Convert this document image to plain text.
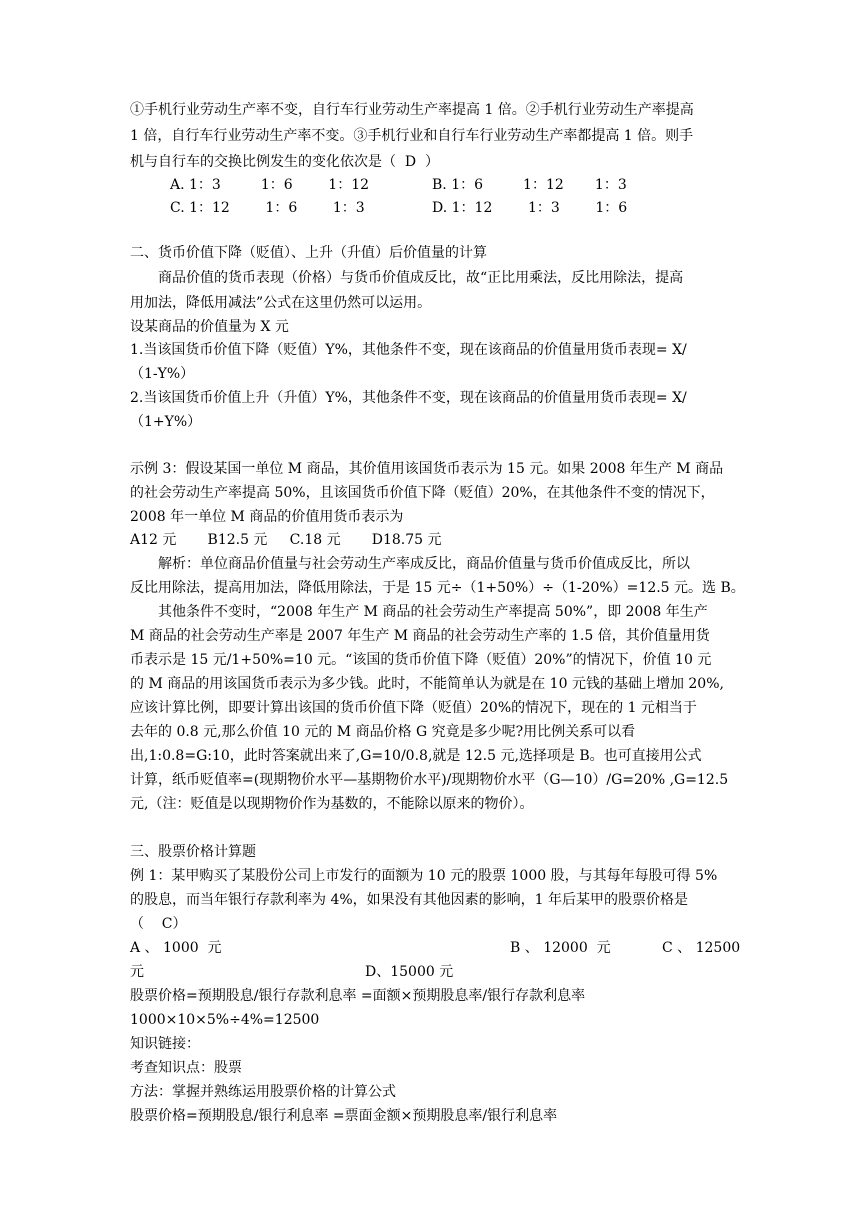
①手机行业劳动生产率不变，自行车行业劳动生产率提高 1 倍。②手机行业劳动生产率提高
1 倍，自行车行业劳动生产率不变。③手机行业和自行车行业劳动生产率都提高 1 倍。则手
机与自行车的交换比例发生的变化依次是（  D  ）
A. 1：3         1：6        1：12	B. 1：6         1：12       1：3
C. 1：12        1：6        1：3	D. 1：12        1：3        1：6
二、货币价值下降（贬值）、上升（升值）后价值量的计算
商品价值的货币表现（价格）与货币价值成反比，故“正比用乘法，反比用除法，提高
用加法，降低用减法”公式在这里仍然可以运用。
设某商品的价值量为 X 元
1.当该国货币价值下降（贬值）Y%，其他条件不变，现在该商品的价值量用货币表现= X/
（1-Y%）
2.当该国货币价值上升（升值）Y%，其他条件不变，现在该商品的价值量用货币表现= X/
（1+Y%）
示例 3：假设某国一单位 M 商品，其价值用该国货币表示为 15 元。如果 2008 年生产 M 商品
的社会劳动生产率提高 50%，且该国货币价值下降（贬值）20%，在其他条件不变的情况下，
2008 年一单位 M 商品的价值用货币表示为
A12 元       B12.5 元     C.18 元       D18.75 元
解析：单位商品价值量与社会劳动生产率成反比，商品价值量与货币价值成反比，所以
反比用除法，提高用加法，降低用除法，于是 15 元÷（1+50%）÷（1-20%）=12.5 元。选 B。
其他条件不变时，“2008 年生产 M 商品的社会劳动生产率提高 50%”，即 2008 年生产
M 商品的社会劳动生产率是 2007 年生产 M 商品的社会劳动生产率的 1.5 倍，其价值量用货
币表示是 15 元/1+50%=10 元。“该国的货币价值下降（贬值）20%”的情况下，价值 10 元
的 M 商品的用该国货币表示为多少钱。此时，不能简单认为就是在 10 元钱的基础上增加 20%,
应该计算比例，即要计算出该国的货币价值下降（贬值）20%的情况下，现在的 1 元相当于
去年的 0.8 元,那么价值 10 元的 M 商品价格 G 究竟是多少呢?用比例关系可以看
出,1:0.8=G:10，此时答案就出来了,G=10/0.8,就是 12.5 元,选择项是 B。也可直接用公式
计算，纸币贬值率=(现期物价水平—基期物价水平)/现期物价水平（G—10）/G=20% ,G=12.5
元,（注：贬值是以现期物价作为基数的，不能除以原来的物价）。
三、股票价格计算题
例 1：某甲购买了某股份公司上市发行的面额为 10 元的股票 1000 股，与其每年每股可得 5%
的股息，而当年银行存款利率为 4%，如果没有其他因素的影响，1 年后某甲的股票价格是
（    C）
A 、 1000  元	B 、 12000  元	C 、 12500
元	D、15000 元
股票价格=预期股息/银行存款利息率 =面额×预期股息率/银行存款利息率
1000×10×5%÷4%=12500
知识链接：
考查知识点：股票
方法：掌握并熟练运用股票价格的计算公式
股票价格=预期股息/银行利息率 =票面金额×预期股息率/银行利息率
